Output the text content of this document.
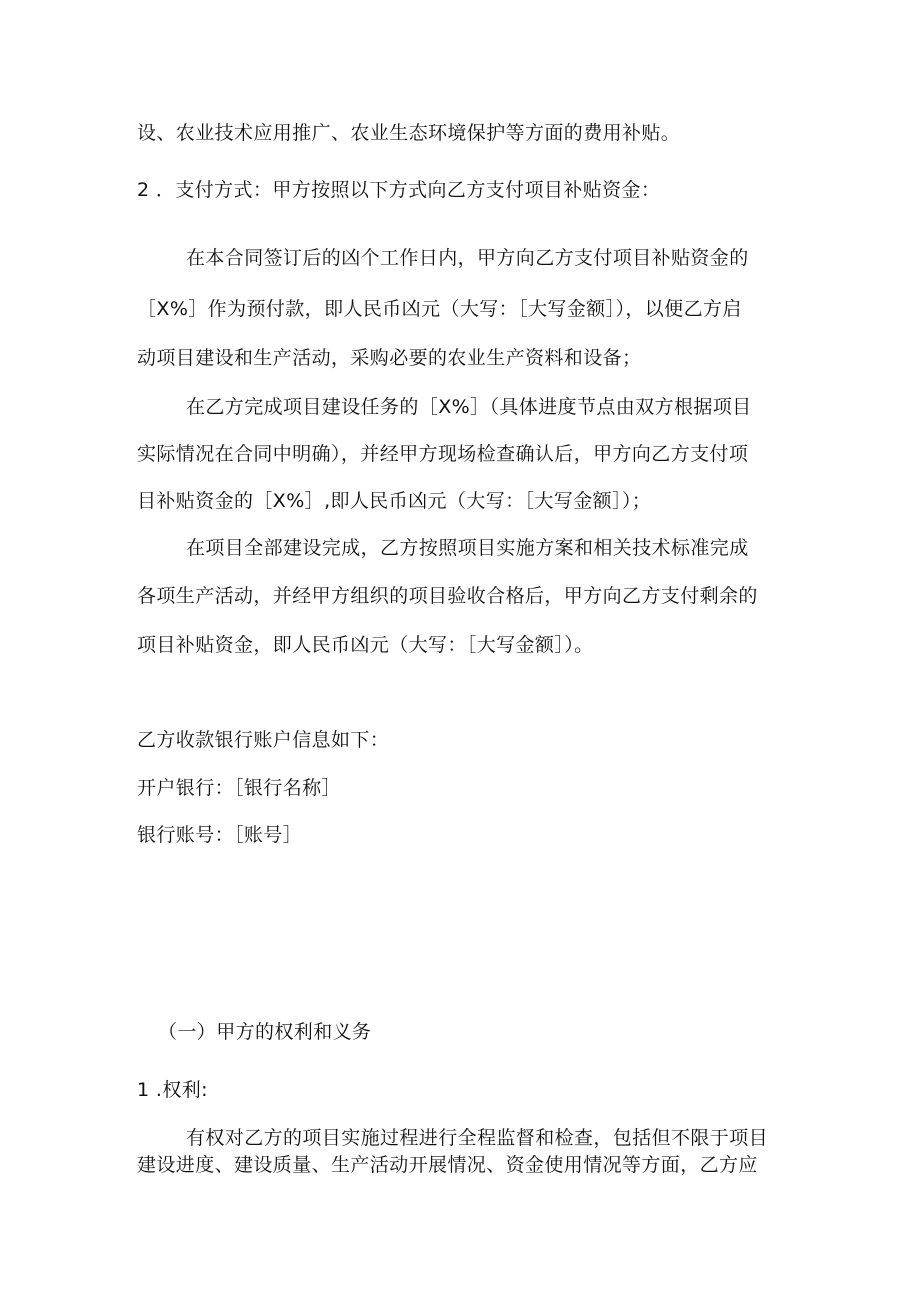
设、农业技术应用推广、农业生态环境保护等方面的费用补贴。
2 ．支付方式：甲方按照以下方式向乙方支付项目补贴资金：
在本合同签订后的凶个工作日内，甲方向乙方支付项目补贴资金的
［X%］作为预付款，即人民币凶元（大写：［大写金额］），以便乙方启
动项目建设和生产活动，采购必要的农业生产资料和设备；
在乙方完成项目建设任务的［X%］（具体进度节点由双方根据项目
实际情况在合同中明确），并经甲方现场检查确认后，甲方向乙方支付项
目补贴资金的［X%］,即人民币凶元（大写：［大写金额］）；
在项目全部建设完成，乙方按照项目实施方案和相关技术标准完成
各项生产活动，并经甲方组织的项目验收合格后，甲方向乙方支付剩余的
项目补贴资金，即人民币凶元（大写：［大写金额］）。
乙方收款银行账户信息如下：
开户银行：［银行名称］
银行账号：［账号］
（一）甲方的权利和义务
1 .权利:
有权对乙方的项目实施过程进行全程监督和检查，包括但不限于项目
建设进度、建设质量、生产活动开展情况、资金使用情况等方面，乙方应
